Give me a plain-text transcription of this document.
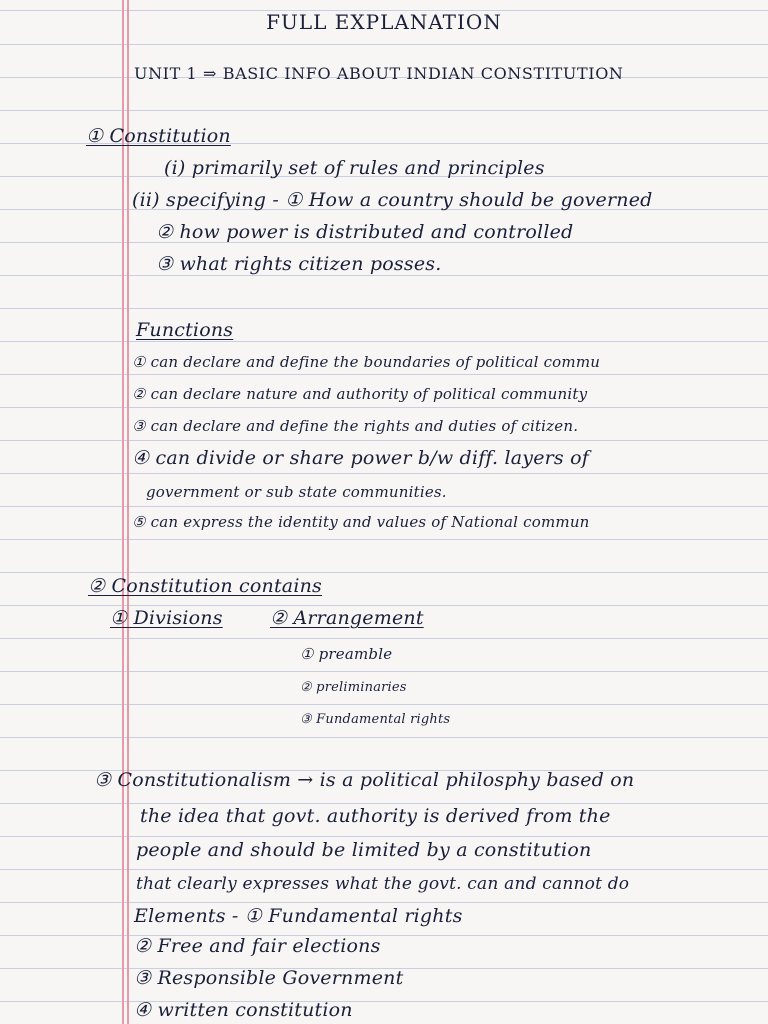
FULL EXPLANATION
UNIT 1 ⇒ BASIC INFO ABOUT INDIAN CONSTITUTION
① Constitution
(i) primarily set of rules and principles
(ii) specifying - ① How a country should be governed
② how power is distributed and controlled
③ what rights citizen posses.
Functions
① can declare and define the boundaries of political commu
② can declare nature and authority of political community
③ can declare and define the rights and duties of citizen.
④ can divide or share power b/w diff. layers of
government or sub state communities.
⑤ can express the identity and values of National commun
② Constitution contains
① Divisions ② Arrangement
① preamble
② preliminaries
③ Fundamental rights
③ Constitutionalism → is a political philosphy based on
the idea that govt. authority is derived from the
people and should be limited by a constitution
that clearly expresses what the govt. can and cannot do
Elements - ① Fundamental rights
② Free and fair elections
③ Responsible Government
④ written constitution
